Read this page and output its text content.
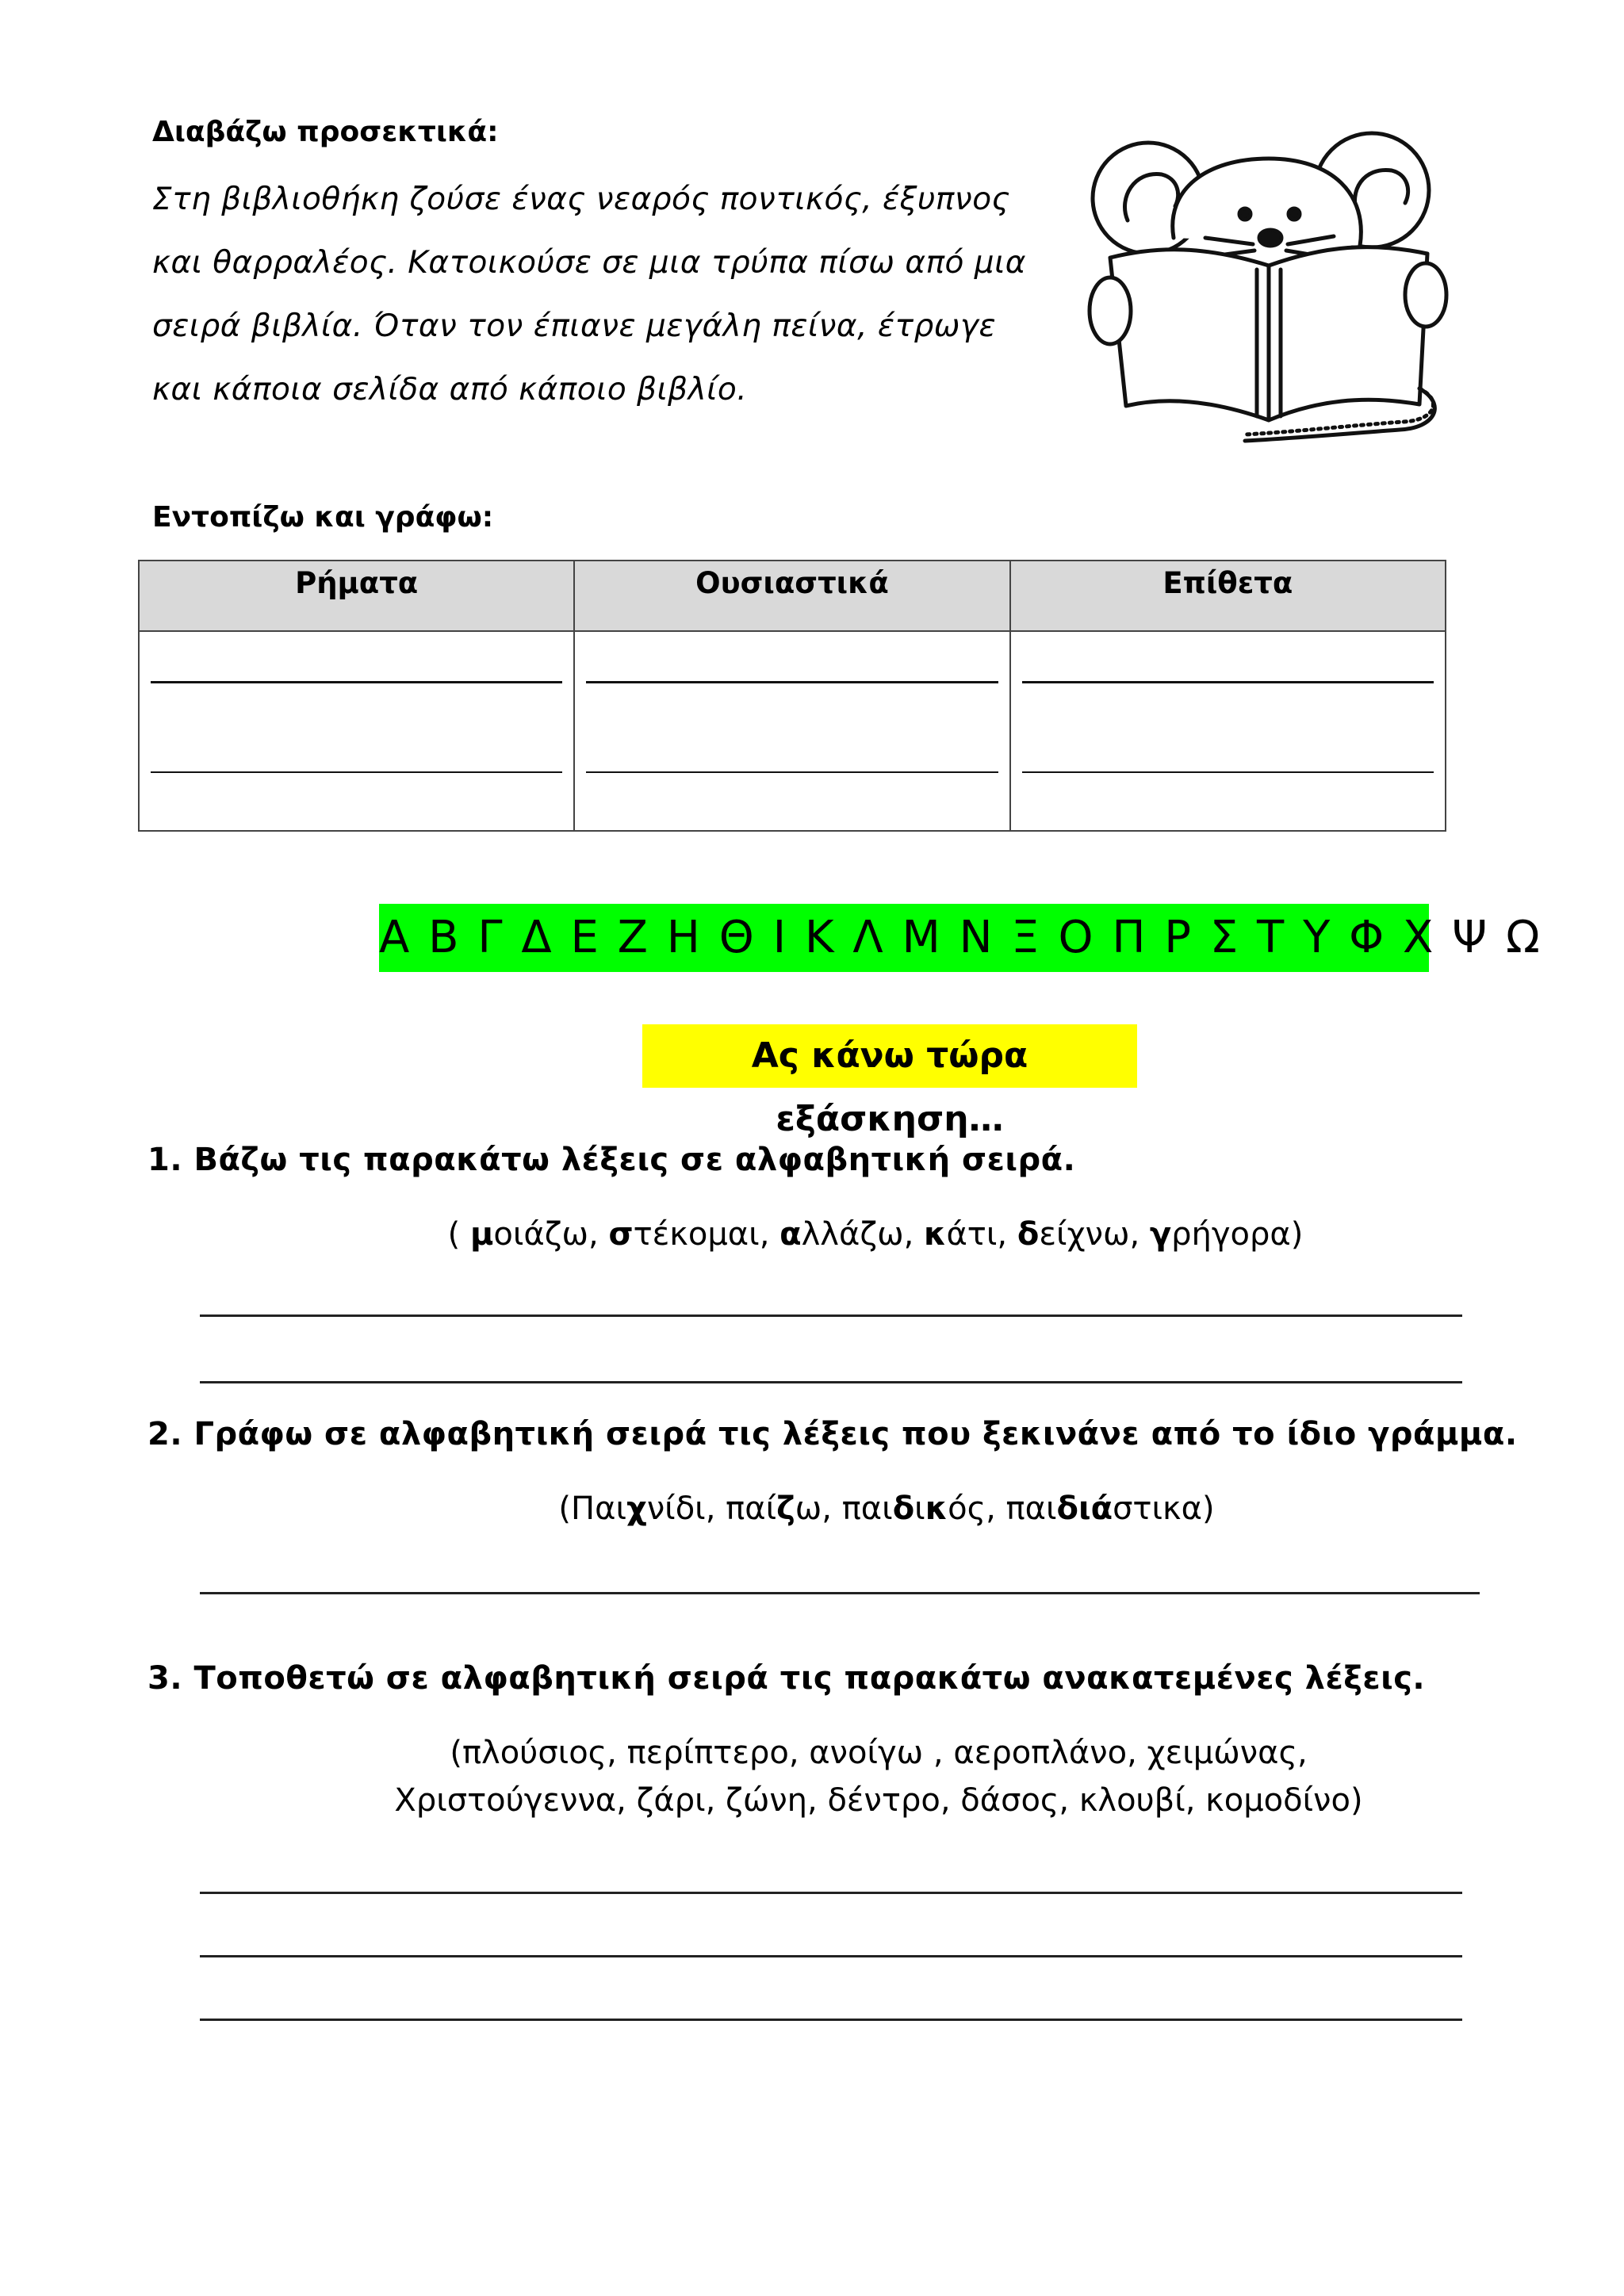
Διαβάζω προσεκτικά:
Στη βιβλιοθήκη ζούσε ένας νεαρός ποντικός, έξυπνος
και θαρραλέος. Κατοικούσε σε μια τρύπα πίσω από μια
σειρά βιβλία. Όταν τον έπιανε μεγάλη πείνα, έτρωγε
και κάποια σελίδα από κάποιο βιβλίο.
Εντοπίζω και γράφω:
Ρήματα	Ουσιαστικά	Επίθετα

Α Β Γ Δ Ε Ζ Η Θ Ι Κ Λ Μ Ν Ξ Ο Π Ρ Σ Τ Υ Φ Χ Ψ Ω
Ας κάνω τώρα εξάσκηση…
1. Βάζω τις παρακάτω λέξεις σε αλφαβητική σειρά.
( μοιάζω, στέκομαι, αλλάζω, κάτι, δείχνω, γρήγορα)
2. Γράφω σε αλφαβητική σειρά τις λέξεις που ξεκινάνε από το ίδιο γράμμα.
(Παιχνίδι, παίζω, παιδικός, παιδιάστικα)
3. Τοποθετώ σε αλφαβητική σειρά τις παρακάτω ανακατεμένες λέξεις.
(πλούσιος, περίπτερο, ανοίγω , αεροπλάνο, χειμώνας,
Χριστούγεννα, ζάρι, ζώνη, δέντρο, δάσος, κλουβί, κομοδίνο)
